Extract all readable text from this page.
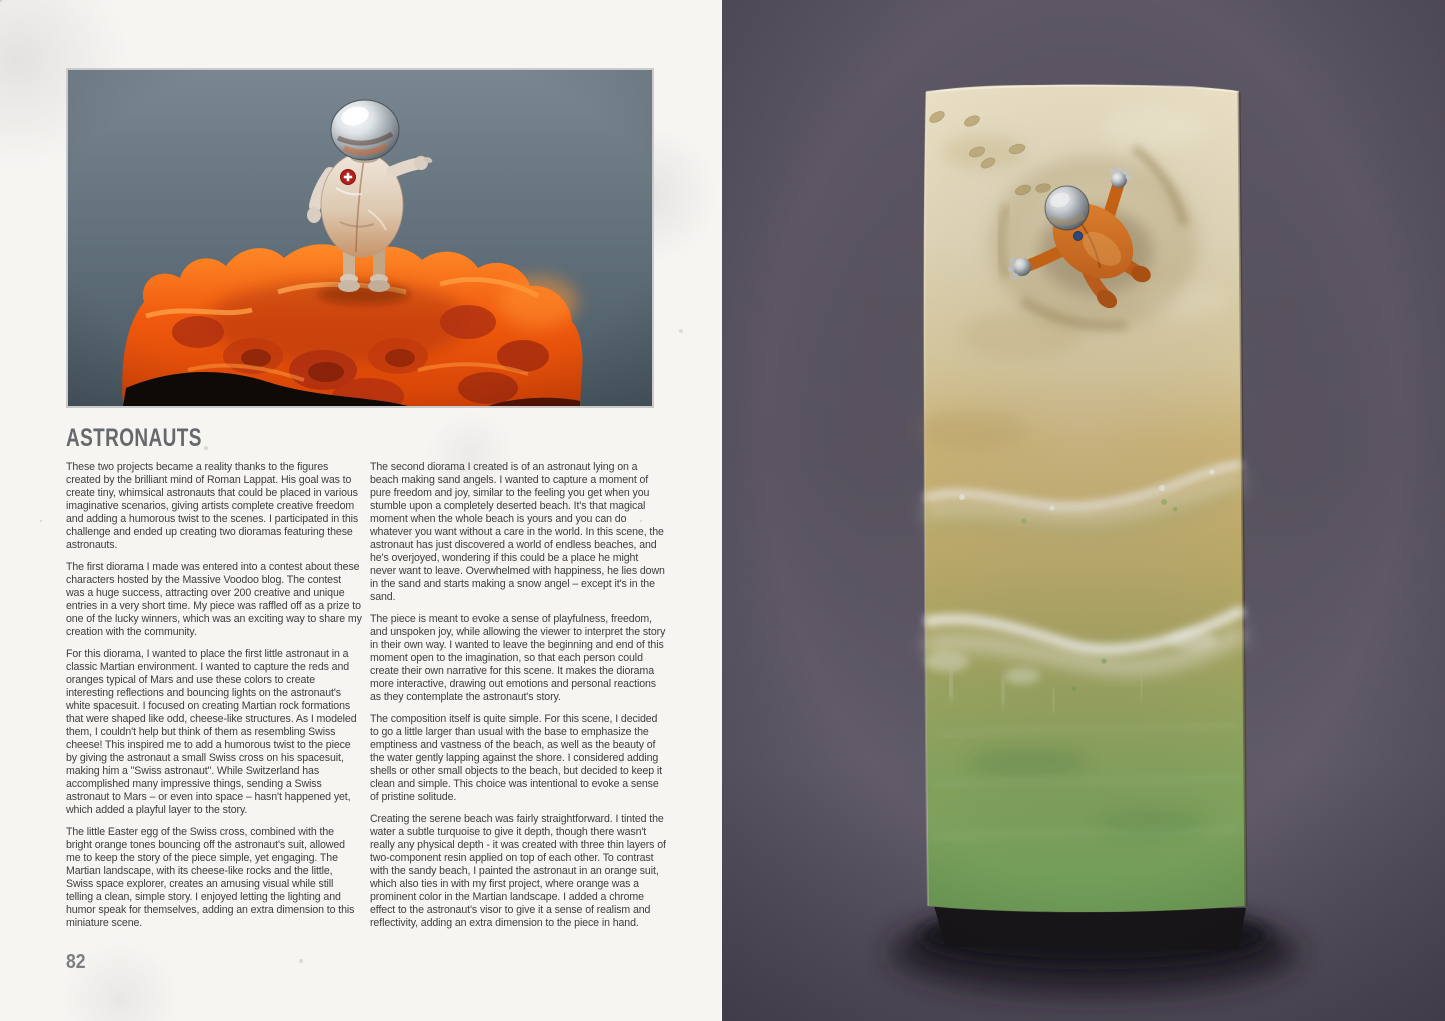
ASTRONAUTS

These two projects became a reality thanks to the figures created by the brilliant mind of Roman Lappat. His goal was to create tiny, whimsical astronauts that could be placed in various imaginative scenarios, giving artists complete creative freedom and adding a humorous twist to the scenes. I participated in this challenge and ended up creating two dioramas featuring these astronauts.

The first diorama I made was entered into a contest about these characters hosted by the Massive Voodoo blog. The contest was a huge success, attracting over 200 creative and unique entries in a very short time. My piece was raffled off as a prize to one of the lucky winners, which was an exciting way to share my creation with the community.

For this diorama, I wanted to place the first little astronaut in a classic Martian environment. I wanted to capture the reds and oranges typical of Mars and use these colors to create interesting reflections and bouncing lights on the astronaut's white spacesuit. I focused on creating Martian rock formations that were shaped like odd, cheese-like structures. As I modeled them, I couldn't help but think of them as resembling Swiss cheese! This inspired me to add a humorous twist to the piece by giving the astronaut a small Swiss cross on his spacesuit, making him a "Swiss astronaut". While Switzerland has accomplished many impressive things, sending a Swiss astronaut to Mars – or even into space – hasn't happened yet, which added a playful layer to the story.

The little Easter egg of the Swiss cross, combined with the bright orange tones bouncing off the astronaut's suit, allowed me to keep the story of the piece simple, yet engaging. The Martian landscape, with its cheese-like rocks and the little, Swiss space explorer, creates an amusing visual while still telling a clean, simple story. I enjoyed letting the lighting and humor speak for themselves, adding an extra dimension to this miniature scene.

The second diorama I created is of an astronaut lying on a beach making sand angels. I wanted to capture a moment of pure freedom and joy, similar to the feeling you get when you stumble upon a completely deserted beach. It's that magical moment when the whole beach is yours and you can do whatever you want without a care in the world. In this scene, the astronaut has just discovered a world of endless beaches, and he's overjoyed, wondering if this could be a place he might never want to leave. Overwhelmed with happiness, he lies down in the sand and starts making a snow angel – except it's in the sand.

The piece is meant to evoke a sense of playfulness, freedom, and unspoken joy, while allowing the viewer to interpret the story in their own way. I wanted to leave the beginning and end of this moment open to the imagination, so that each person could create their own narrative for this scene. It makes the diorama more interactive, drawing out emotions and personal reactions as they contemplate the astronaut's story.

The composition itself is quite simple. For this scene, I decided to go a little larger than usual with the base to emphasize the emptiness and vastness of the beach, as well as the beauty of the water gently lapping against the shore. I considered adding shells or other small objects to the beach, but decided to keep it clean and simple. This choice was intentional to evoke a sense of pristine solitude.

Creating the serene beach was fairly straightforward. I tinted the water a subtle turquoise to give it depth, though there wasn't really any physical depth - it was created with three thin layers of two-component resin applied on top of each other. To contrast with the sandy beach, I painted the astronaut in an orange suit, which also ties in with my first project, where orange was a prominent color in the Martian landscape. I added a chrome effect to the astronaut's visor to give it a sense of realism and reflectivity, adding an extra dimension to the piece in hand.

82
